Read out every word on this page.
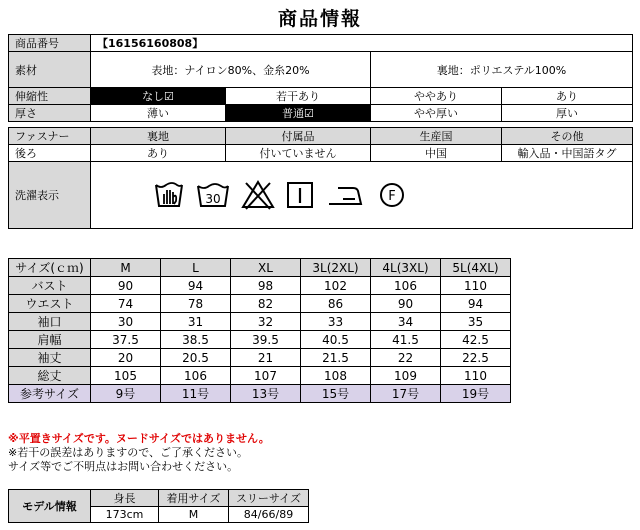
商品情報
商品番号	【16156160808】			
素材	表地：ナイロン80%、金糸20%		裏地：ポリエステル100%	
伸縮性	なし☑	若干あり	ややあり	あり
厚さ	薄い	普通☑	やや厚い	厚い

ファスナー	裏地	付属品	生産国	その他
後ろ	あり	付いていません	中国	輸入品・中国語タグ
洗濯表示	30 F			
サイズ(ｃｍ)	M	L	XL	3L(2XL)	4L(3XL)	5L(4XL)
バスト	90	94	98	102	106	110
ウエスト	74	78	82	86	90	94
袖口	30	31	32	33	34	35
肩幅	37.5	38.5	39.5	40.5	41.5	42.5
袖丈	20	20.5	21	21.5	22	22.5
総丈	105	106	107	108	109	110
参考サイズ	9号	11号	13号	15号	17号	19号
※平置きサイズです。ヌードサイズではありません。
※若干の誤差はありますので、ご了承ください。
サイズ等でご不明点はお問い合わせください。
モデル情報	身長	着用サイズ	スリーサイズ
	173cm	M	84/66/89
